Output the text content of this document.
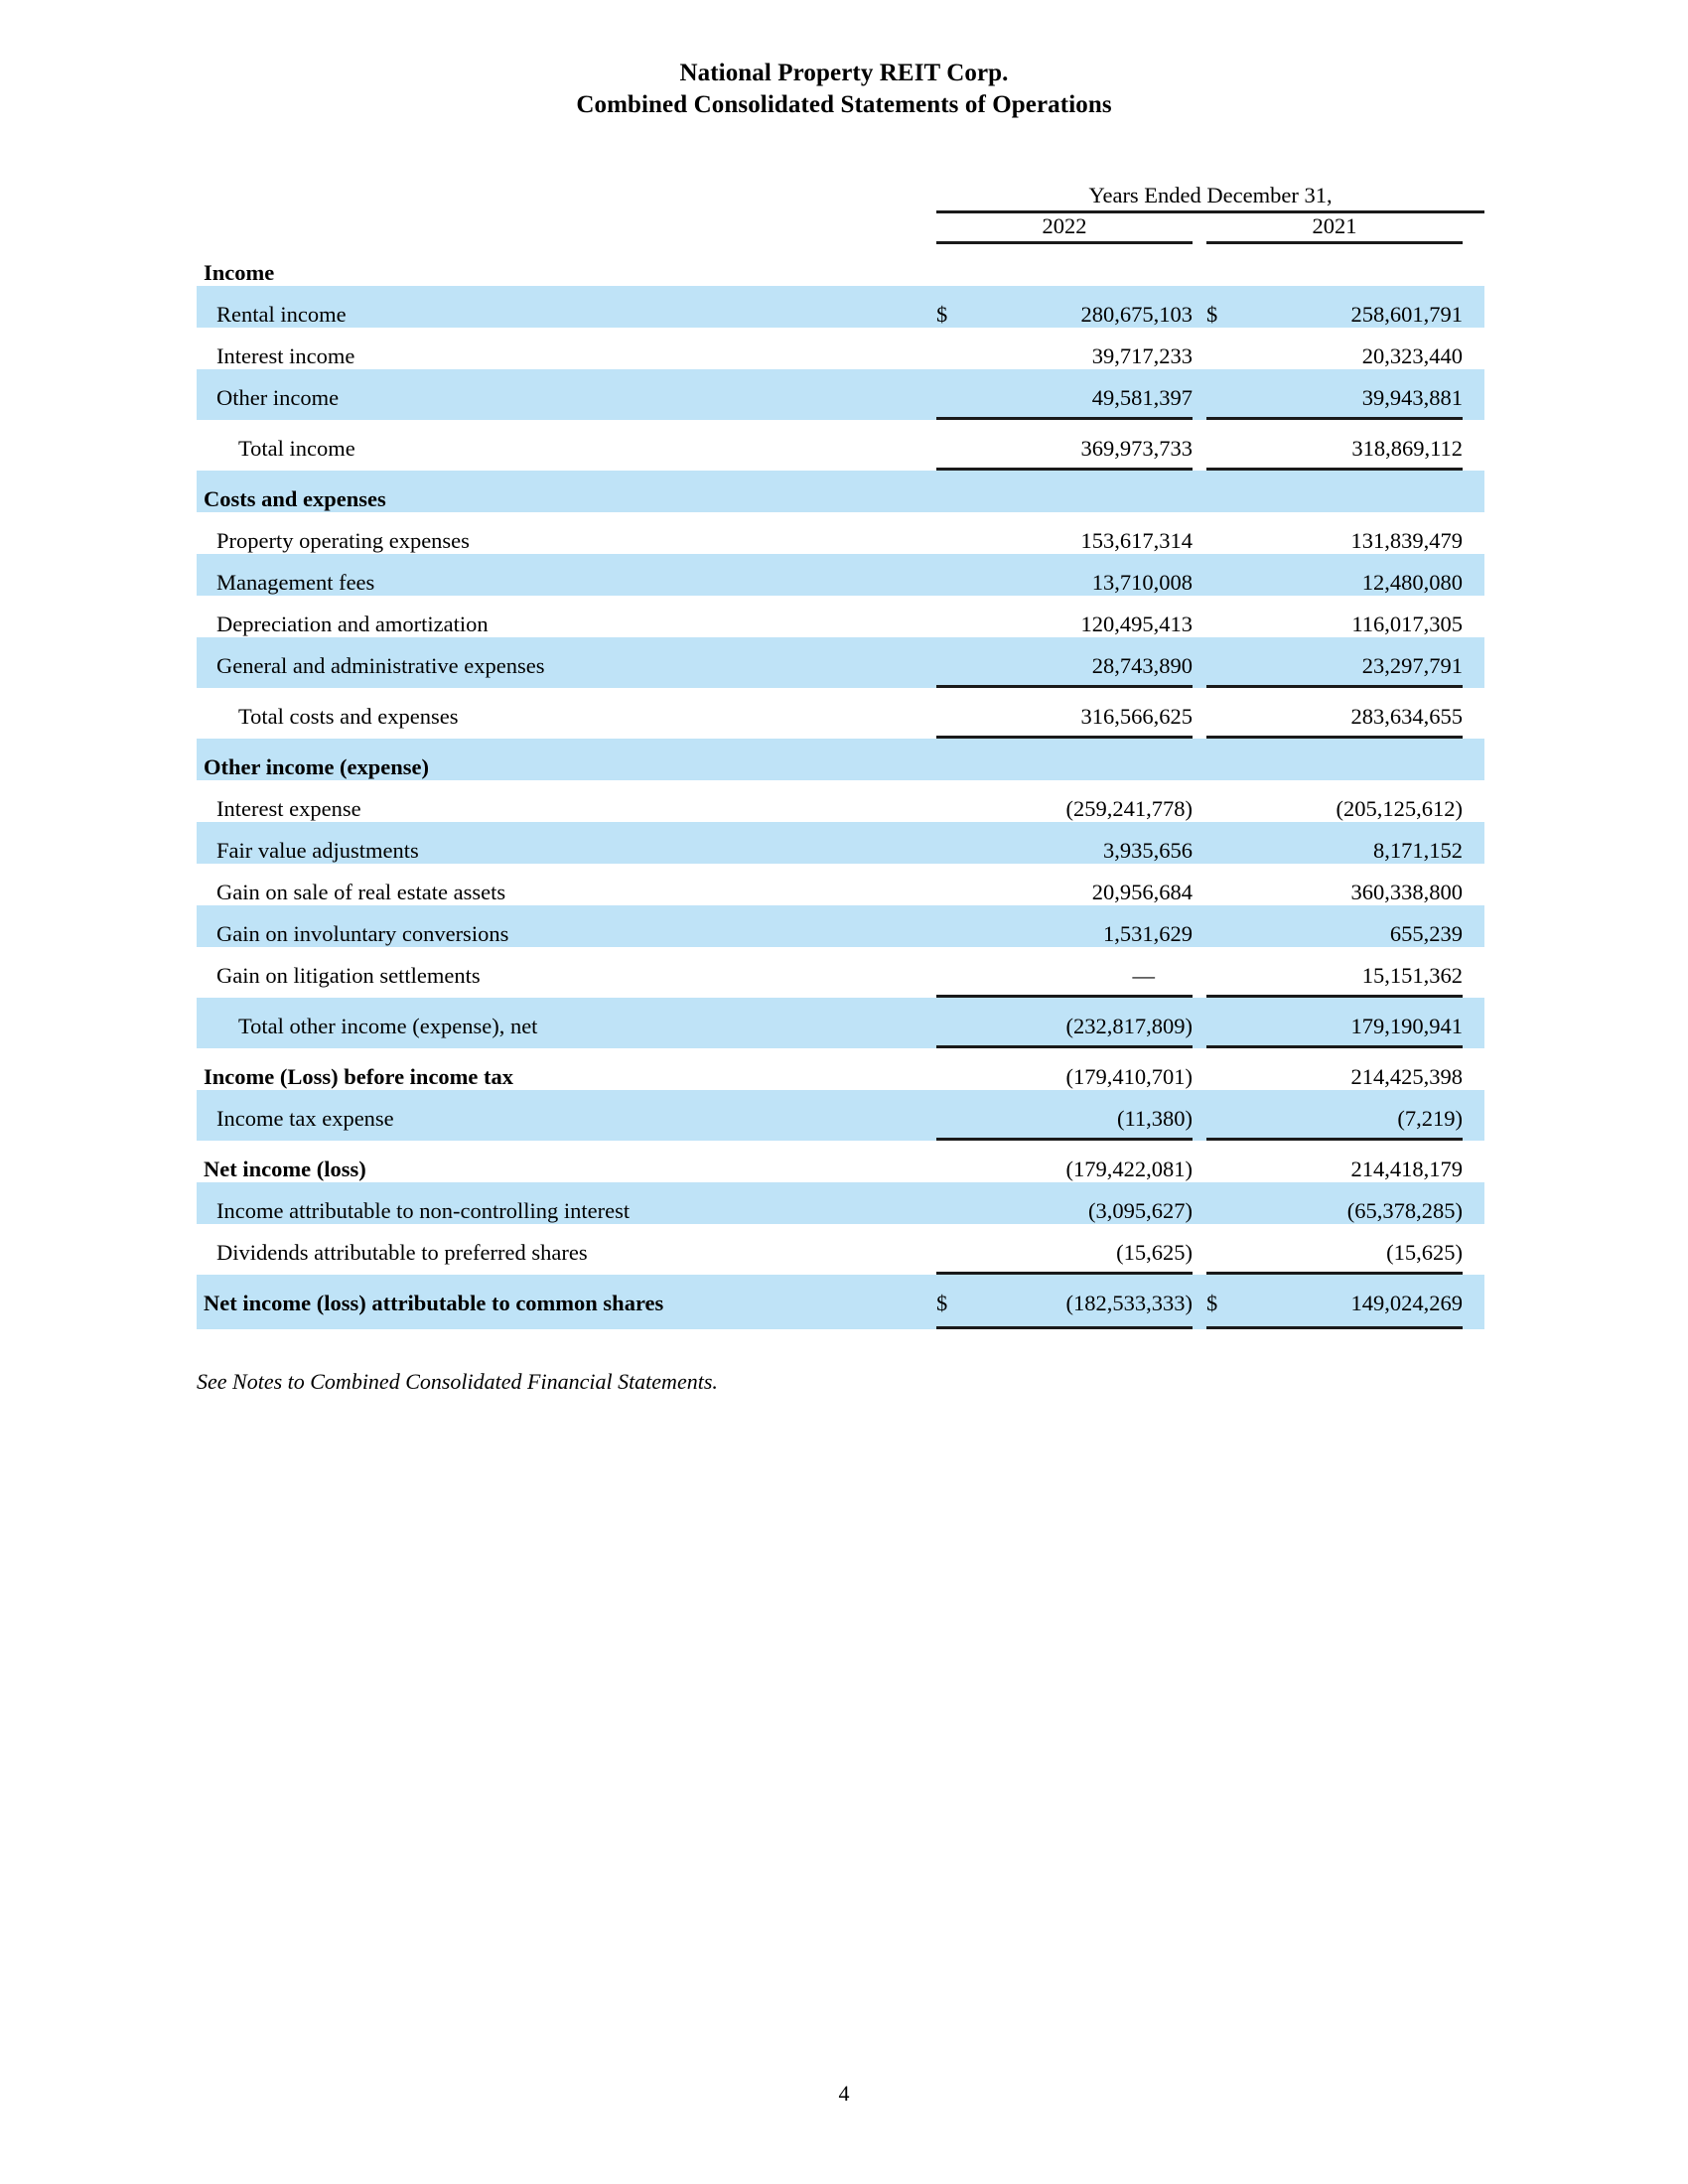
National Property REIT Corp.
Combined Consolidated Statements of Operations
	Years Ended December 31,					

	2022			2021		

Income						
Rental income	$	280,675,103		$	258,601,791	
Interest income		39,717,233			20,323,440	
Other income		49,581,397			39,943,881	

Total income		369,973,733			318,869,112	

Costs and expenses						
Property operating expenses		153,617,314			131,839,479	
Management fees		13,710,008			12,480,080	
Depreciation and amortization		120,495,413			116,017,305	
General and administrative expenses		28,743,890			23,297,791	

Total costs and expenses		316,566,625			283,634,655	

Other income (expense)						
Interest expense		(259,241,778)			(205,125,612)	
Fair value adjustments		3,935,656			8,171,152	
Gain on sale of real estate assets		20,956,684			360,338,800	
Gain on involuntary conversions		1,531,629			655,239	
Gain on litigation settlements		—			15,151,362	

Total other income (expense), net		(232,817,809)			179,190,941	

Income (Loss) before income tax		(179,410,701)			214,425,398	
Income tax expense		(11,380)			(7,219)	

Net income (loss)		(179,422,081)			214,418,179	
Income attributable to non-controlling interest		(3,095,627)			(65,378,285)	
Dividends attributable to preferred shares		(15,625)			(15,625)	

Net income (loss) attributable to common shares	$	(182,533,333)		$	149,024,269	

See Notes to Combined Consolidated Financial Statements.
4
